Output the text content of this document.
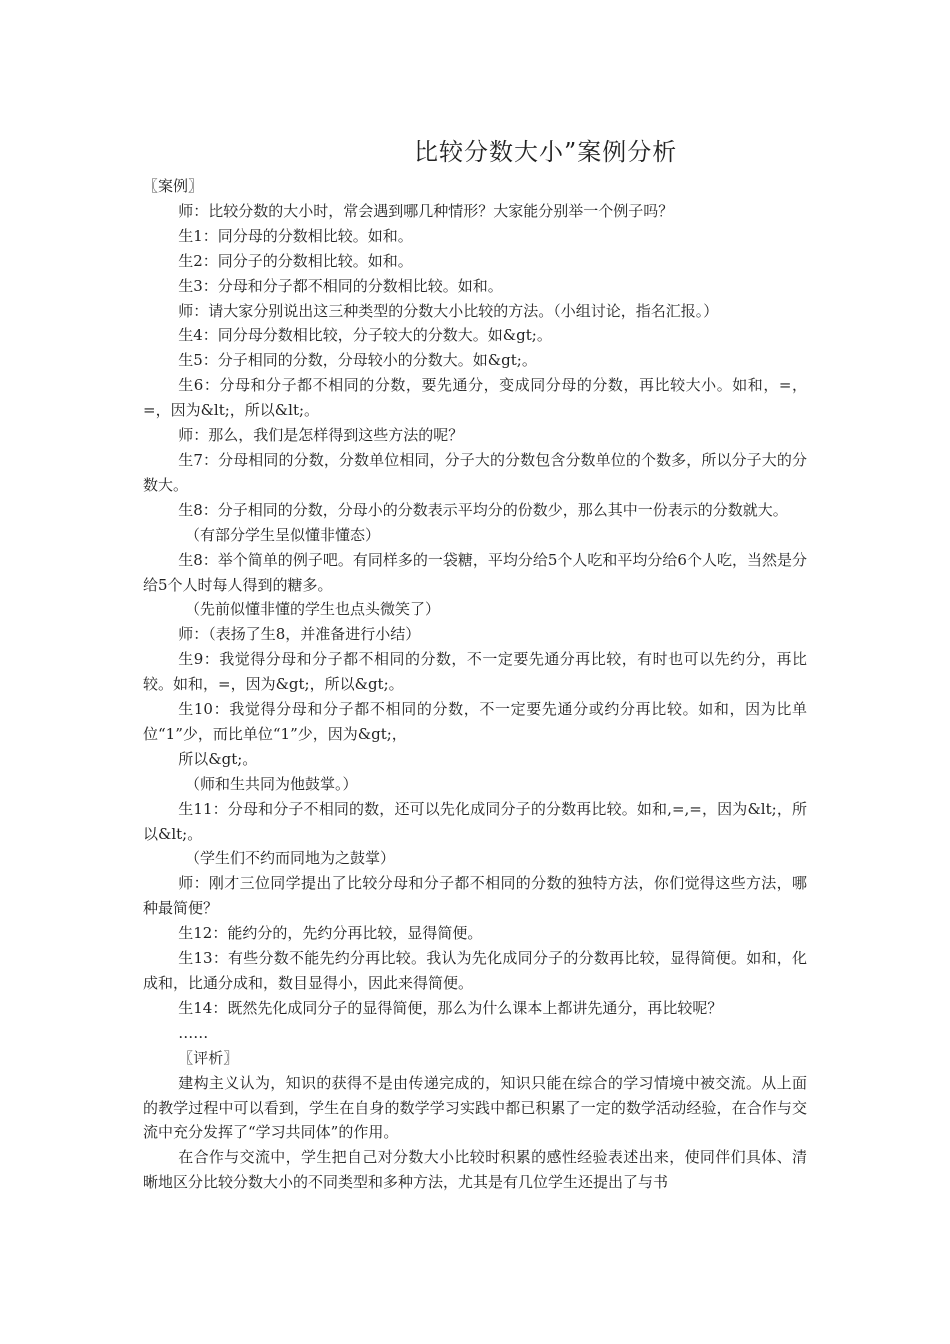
比较分数大小”案例分析

〖案例〗

师：比较分数的大小时，常会遇到哪几种情形？大家能分别举一个例子吗？

生1：同分母的分数相比较。如和。

生2：同分子的分数相比较。如和。

生3：分母和分子都不相同的分数相比较。如和。

师：请大家分别说出这三种类型的分数大小比较的方法。（小组讨论，指名汇报。）

生4：同分母分数相比较，分子较大的分数大。如&gt;。

生5：分子相同的分数，分母较小的分数大。如&gt;。

生6：分母和分子都不相同的分数，要先通分，变成同分母的分数，再比较大小。如和，=，=，因为&lt;，所以&lt;。

师：那么，我们是怎样得到这些方法的呢？

生7：分母相同的分数，分数单位相同，分子大的分数包含分数单位的个数多，所以分子大的分数大。

生8：分子相同的分数，分母小的分数表示平均分的份数少，那么其中一份表示的分数就大。

（有部分学生呈似懂非懂态）

生8：举个简单的例子吧。有同样多的一袋糖，平均分给5个人吃和平均分给6个人吃，当然是分给5个人时每人得到的糖多。

（先前似懂非懂的学生也点头微笑了）

师：（表扬了生8，并准备进行小结）

生9：我觉得分母和分子都不相同的分数，不一定要先通分再比较，有时也可以先约分，再比较。如和，=，因为&gt;，所以&gt;。

生10：我觉得分母和分子都不相同的分数，不一定要先通分或约分再比较。如和，因为比单位“1”少，而比单位“1”少，因为&gt;，

所以&gt;。

（师和生共同为他鼓掌。）

生11：分母和分子不相同的数，还可以先化成同分子的分数再比较。如和,=,=，因为&lt;，所以&lt;。

（学生们不约而同地为之鼓掌）

师：刚才三位同学提出了比较分母和分子都不相同的分数的独特方法，你们觉得这些方法，哪种最简便？

生12：能约分的，先约分再比较，显得简便。

生13：有些分数不能先约分再比较。我认为先化成同分子的分数再比较，显得简便。如和，化成和，比通分成和，数目显得小，因此来得简便。

生14：既然先化成同分子的显得简便，那么为什么课本上都讲先通分，再比较呢？

……

〖评析〗

建构主义认为，知识的获得不是由传递完成的，知识只能在综合的学习情境中被交流。从上面的教学过程中可以看到，学生在自身的数学学习实践中都已积累了一定的数学活动经验，在合作与交流中充分发挥了“学习共同体”的作用。

在合作与交流中，学生把自己对分数大小比较时积累的感性经验表述出来，使同伴们具体、清晰地区分比较分数大小的不同类型和多种方法，尤其是有几位学生还提出了与书
